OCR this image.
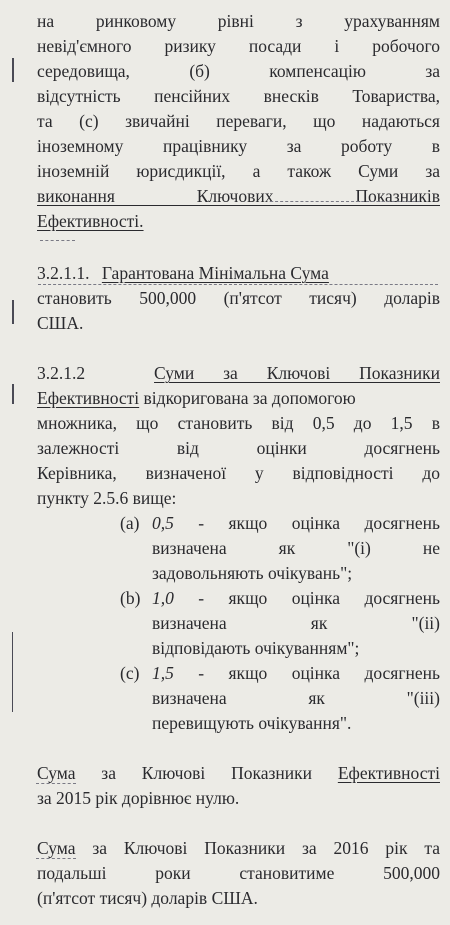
на ринковому рівні з урахуванням
невід'ємного ризику посади і робочого
середовища, (б) компенсацію за
відсутність пенсійних внесків Товариства,
та (с) звичайні переваги, що надаються
іноземному працівнику за роботу в
іноземній юрисдикції, а також Суми за
виконання Ключових Показників
Ефективності.
3.2.1.1. Гарантована Мінімальна Сума
становить 500,000 (п'ятсот тисяч) доларів
США.
3.2.1.2	Суми за Ключові Показники
Ефективності відкоригована за допомогою
множника, що становить від 0,5 до 1,5 в
залежності від оцінки досягнень
Керівника, визначеної у відповідності до
пункту 2.5.6 вище:
(a) 0,5 - якщо оцінка досягнень
визначена як "(i) не
задовольняють очікувань";
(b) 1,0 - якщо оцінка досягнень
визначена як "(ii)
відповідають очікуванням";
(c) 1,5 - якщо оцінка досягнень
визначена як "(iii)
перевищують очікування".
Сума за Ключові Показники Ефективності
за 2015 рік дорівнює нулю.
Сума за Ключові Показники за 2016 рік та
подальші роки становитиме 500,000
(п'ятсот тисяч) доларів США.
